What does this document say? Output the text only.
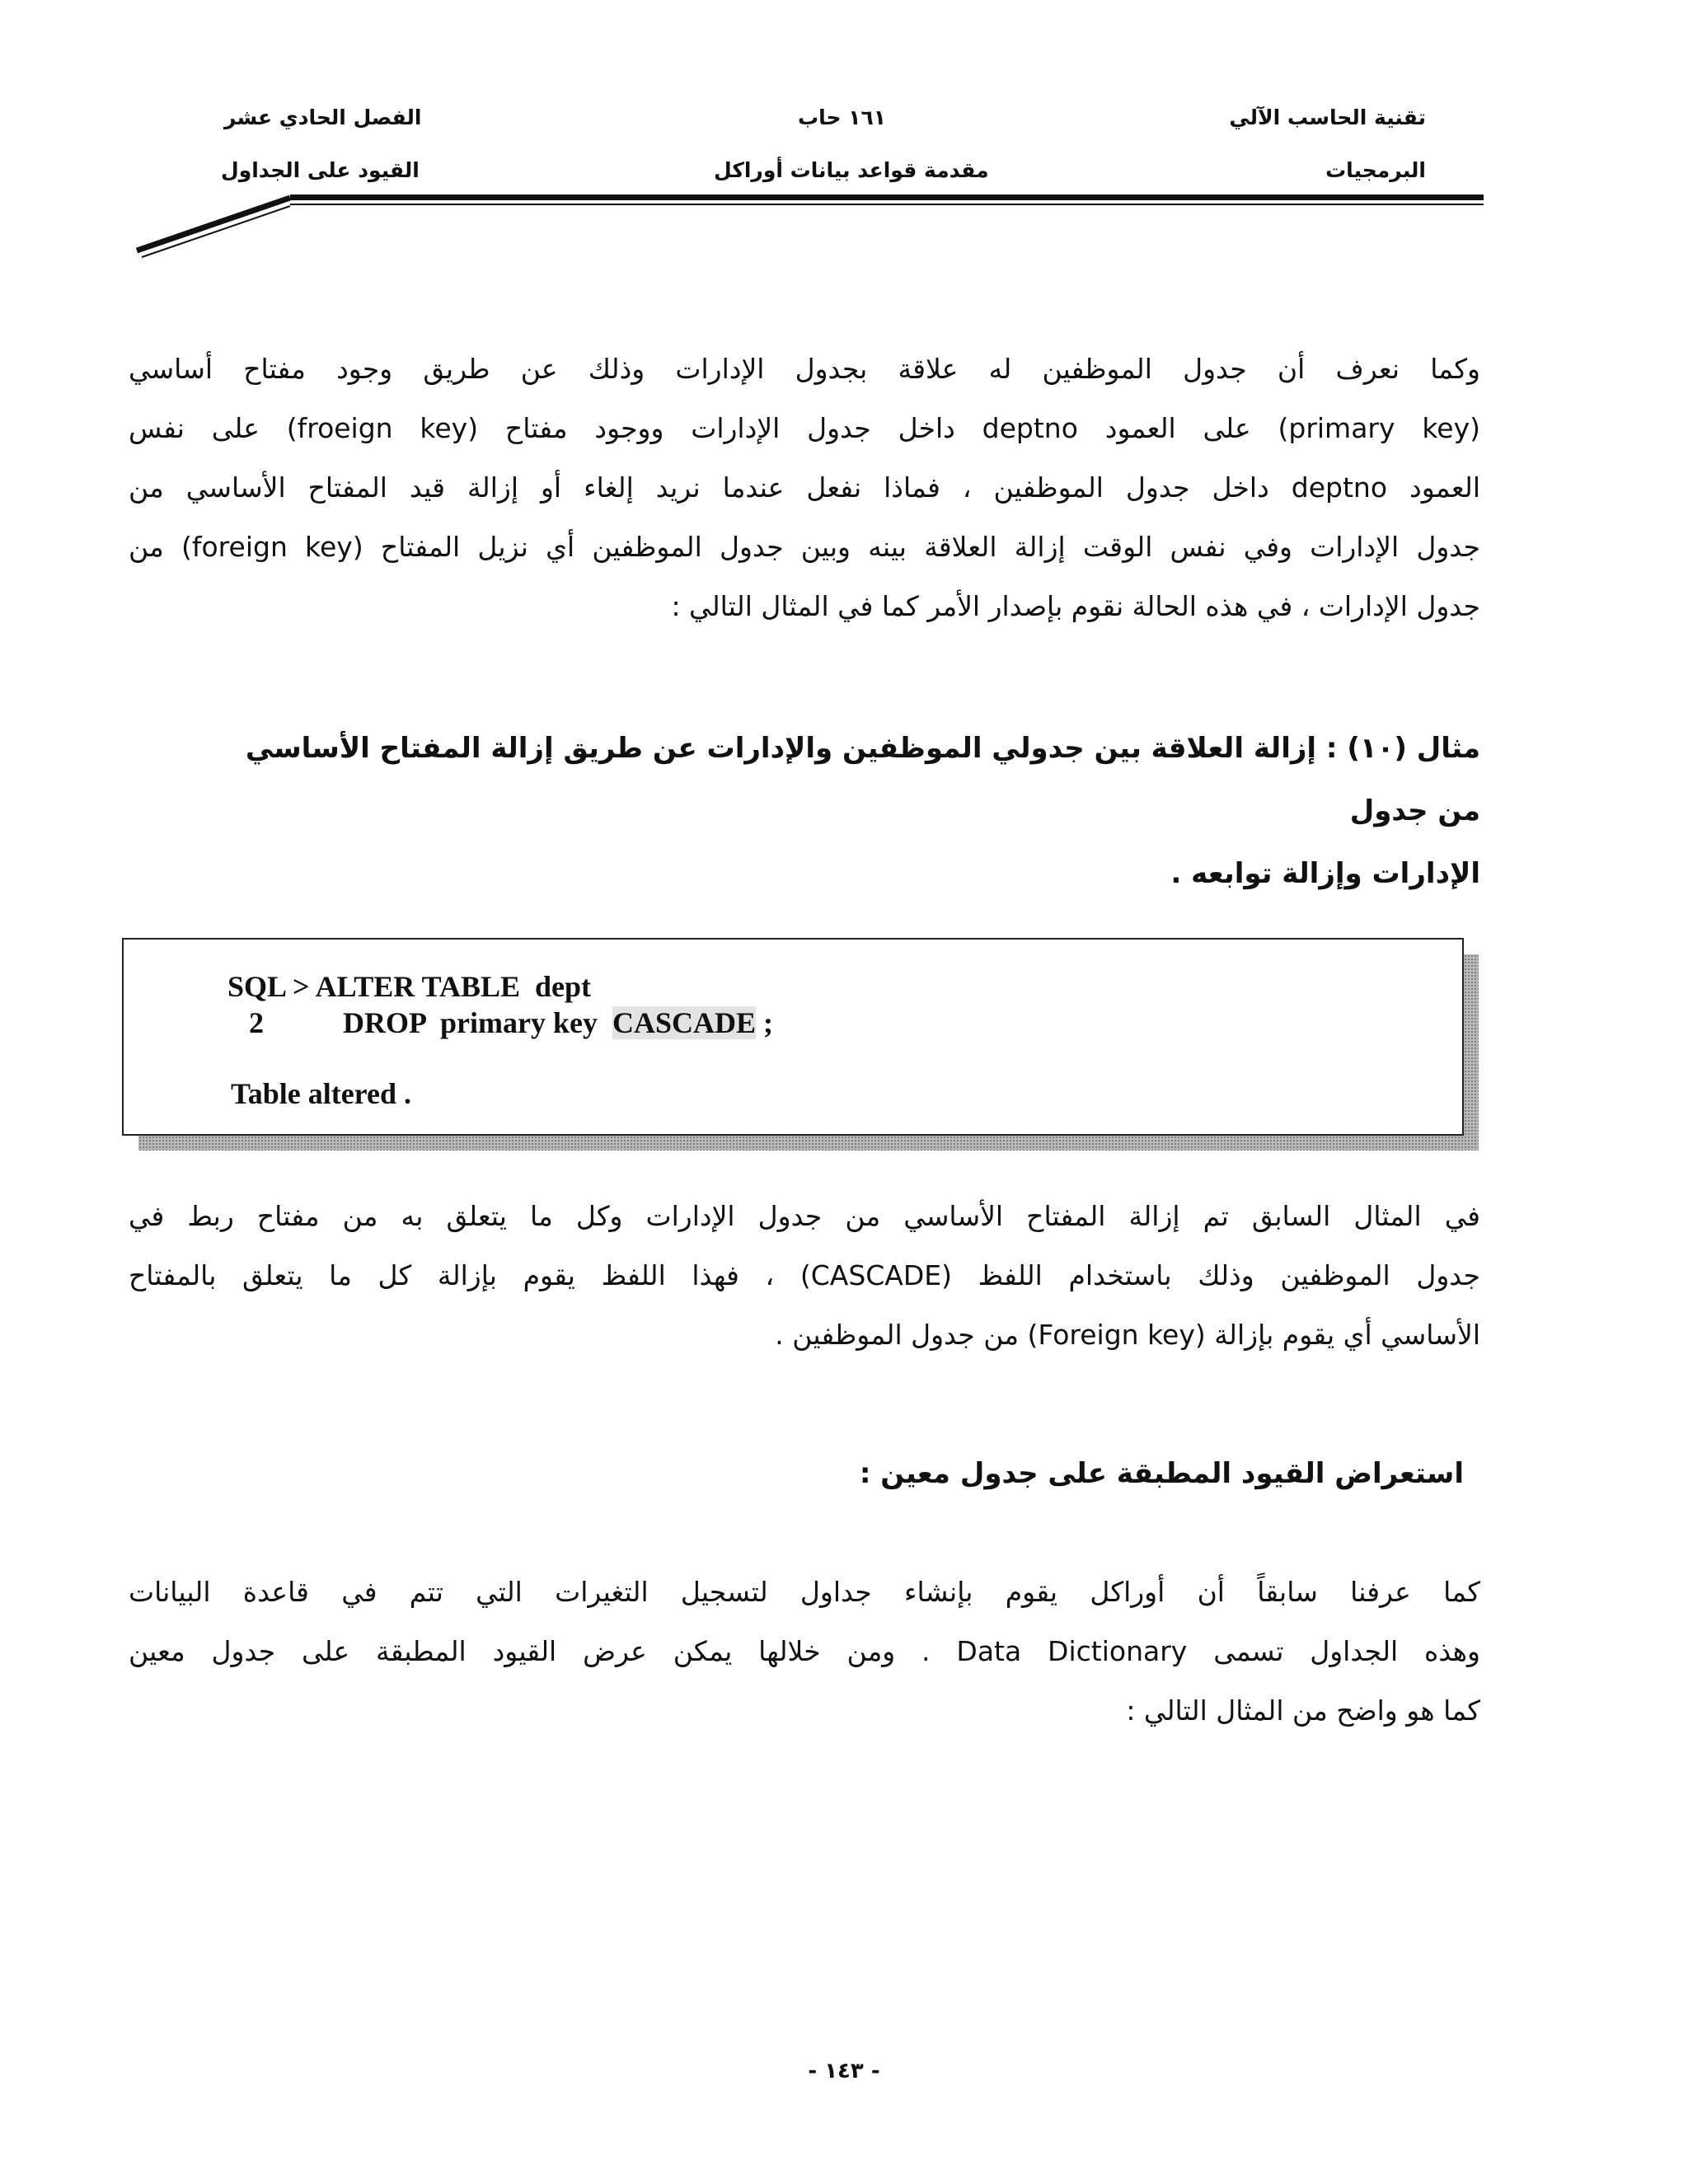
تقنية الحاسب الآلي
البرمجيات
١٦١ حاب
مقدمة قواعد بيانات أوراكل
الفصل الحادي عشر
القيود على الجداول
وكما نعرف أن جدول الموظفين له علاقة بجدول الإدارات وذلك عن طريق وجود مفتاح أساسي
(primary key) على العمود deptno داخل جدول الإدارات ووجود مفتاح (froeign key) على نفس
العمود deptno داخل جدول الموظفين ، فماذا نفعل عندما نريد إلغاء أو إزالة قيد المفتاح الأساسي من
جدول الإدارات وفي نفس الوقت إزالة العلاقة بينه وبين جدول الموظفين أي نزيل المفتاح (foreign key) من
جدول الإدارات ، في هذه الحالة نقوم بإصدار الأمر كما في المثال التالي :
مثال (١٠) : إزالة العلاقة بين جدولي الموظفين والإدارات عن طريق إزالة المفتاح الأساسي من جدول
الإدارات وإزالة توابعه .
SQL > ALTER TABLE  dept
2	DROP  primary key  CASCADE ;
Table altered .
في المثال السابق تم إزالة المفتاح الأساسي من جدول الإدارات وكل ما يتعلق به من مفتاح ربط في
جدول الموظفين وذلك باستخدام اللفظ (CASCADE) ، فهذا اللفظ يقوم بإزالة كل ما يتعلق بالمفتاح
الأساسي أي يقوم بإزالة (Foreign key) من جدول الموظفين .
استعراض القيود المطبقة على جدول معين :
كما عرفنا سابقاً أن أوراكل يقوم بإنشاء جداول لتسجيل التغيرات التي تتم في قاعدة البيانات
وهذه الجداول تسمى Data Dictionary . ومن خلالها يمكن عرض القيود المطبقة على جدول معين
كما هو واضح من المثال التالي :
- ١٤٣ -
